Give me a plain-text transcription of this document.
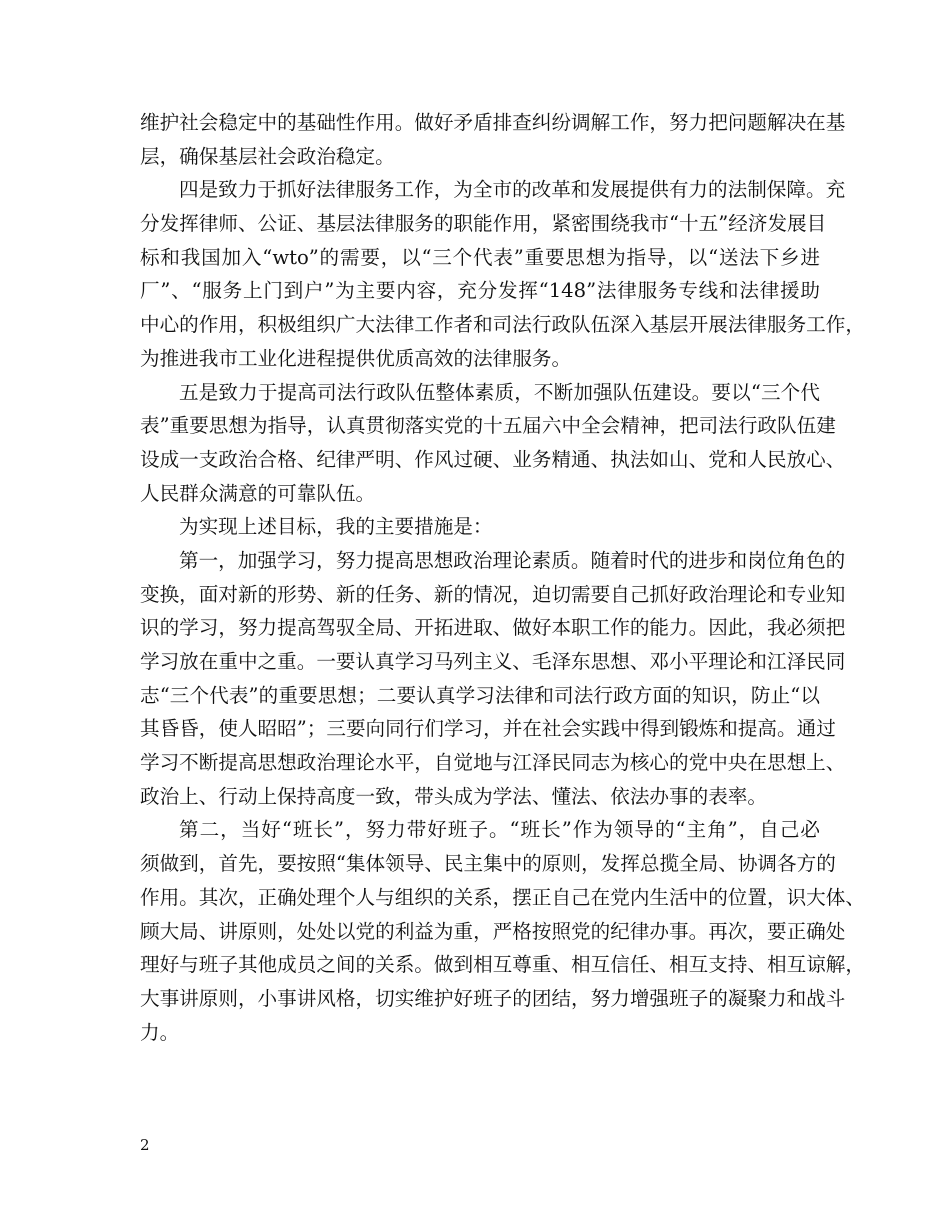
维护社会稳定中的基础性作用。做好矛盾排查纠纷调解工作，努力把问题解决在基
层，确保基层社会政治稳定。
四是致力于抓好法律服务工作，为全市的改革和发展提供有力的法制保障。充
分发挥律师、公证、基层法律服务的职能作用，紧密围绕我市“十五”经济发展目
标和我国加入“wto”的需要，以“三个代表”重要思想为指导，以“送法下乡进
厂”、“服务上门到户”为主要内容，充分发挥“148”法律服务专线和法律援助
中心的作用，积极组织广大法律工作者和司法行政队伍深入基层开展法律服务工作，
为推进我市工业化进程提供优质高效的法律服务。
五是致力于提高司法行政队伍整体素质，不断加强队伍建设。要以“三个代
表”重要思想为指导，认真贯彻落实党的十五届六中全会精神，把司法行政队伍建
设成一支政治合格、纪律严明、作风过硬、业务精通、执法如山、党和人民放心、
人民群众满意的可靠队伍。
为实现上述目标，我的主要措施是：
第一，加强学习，努力提高思想政治理论素质。随着时代的进步和岗位角色的
变换，面对新的形势、新的任务、新的情况，迫切需要自己抓好政治理论和专业知
识的学习，努力提高驾驭全局、开拓进取、做好本职工作的能力。因此，我必须把
学习放在重中之重。一要认真学习马列主义、毛泽东思想、邓小平理论和江泽民同
志“三个代表”的重要思想；二要认真学习法律和司法行政方面的知识，防止“以
其昏昏，使人昭昭”；三要向同行们学习，并在社会实践中得到锻炼和提高。通过
学习不断提高思想政治理论水平，自觉地与江泽民同志为核心的党中央在思想上、
政治上、行动上保持高度一致，带头成为学法、懂法、依法办事的表率。
第二，当好“班长”，努力带好班子。“班长”作为领导的“主角”，自己必
须做到，首先，要按照“集体领导、民主集中的原则，发挥总揽全局、协调各方的
作用。其次，正确处理个人与组织的关系，摆正自己在党内生活中的位置，识大体、
顾大局、讲原则，处处以党的利益为重，严格按照党的纪律办事。再次，要正确处
理好与班子其他成员之间的关系。做到相互尊重、相互信任、相互支持、相互谅解，
大事讲原则，小事讲风格，切实维护好班子的团结，努力增强班子的凝聚力和战斗
力。
2
